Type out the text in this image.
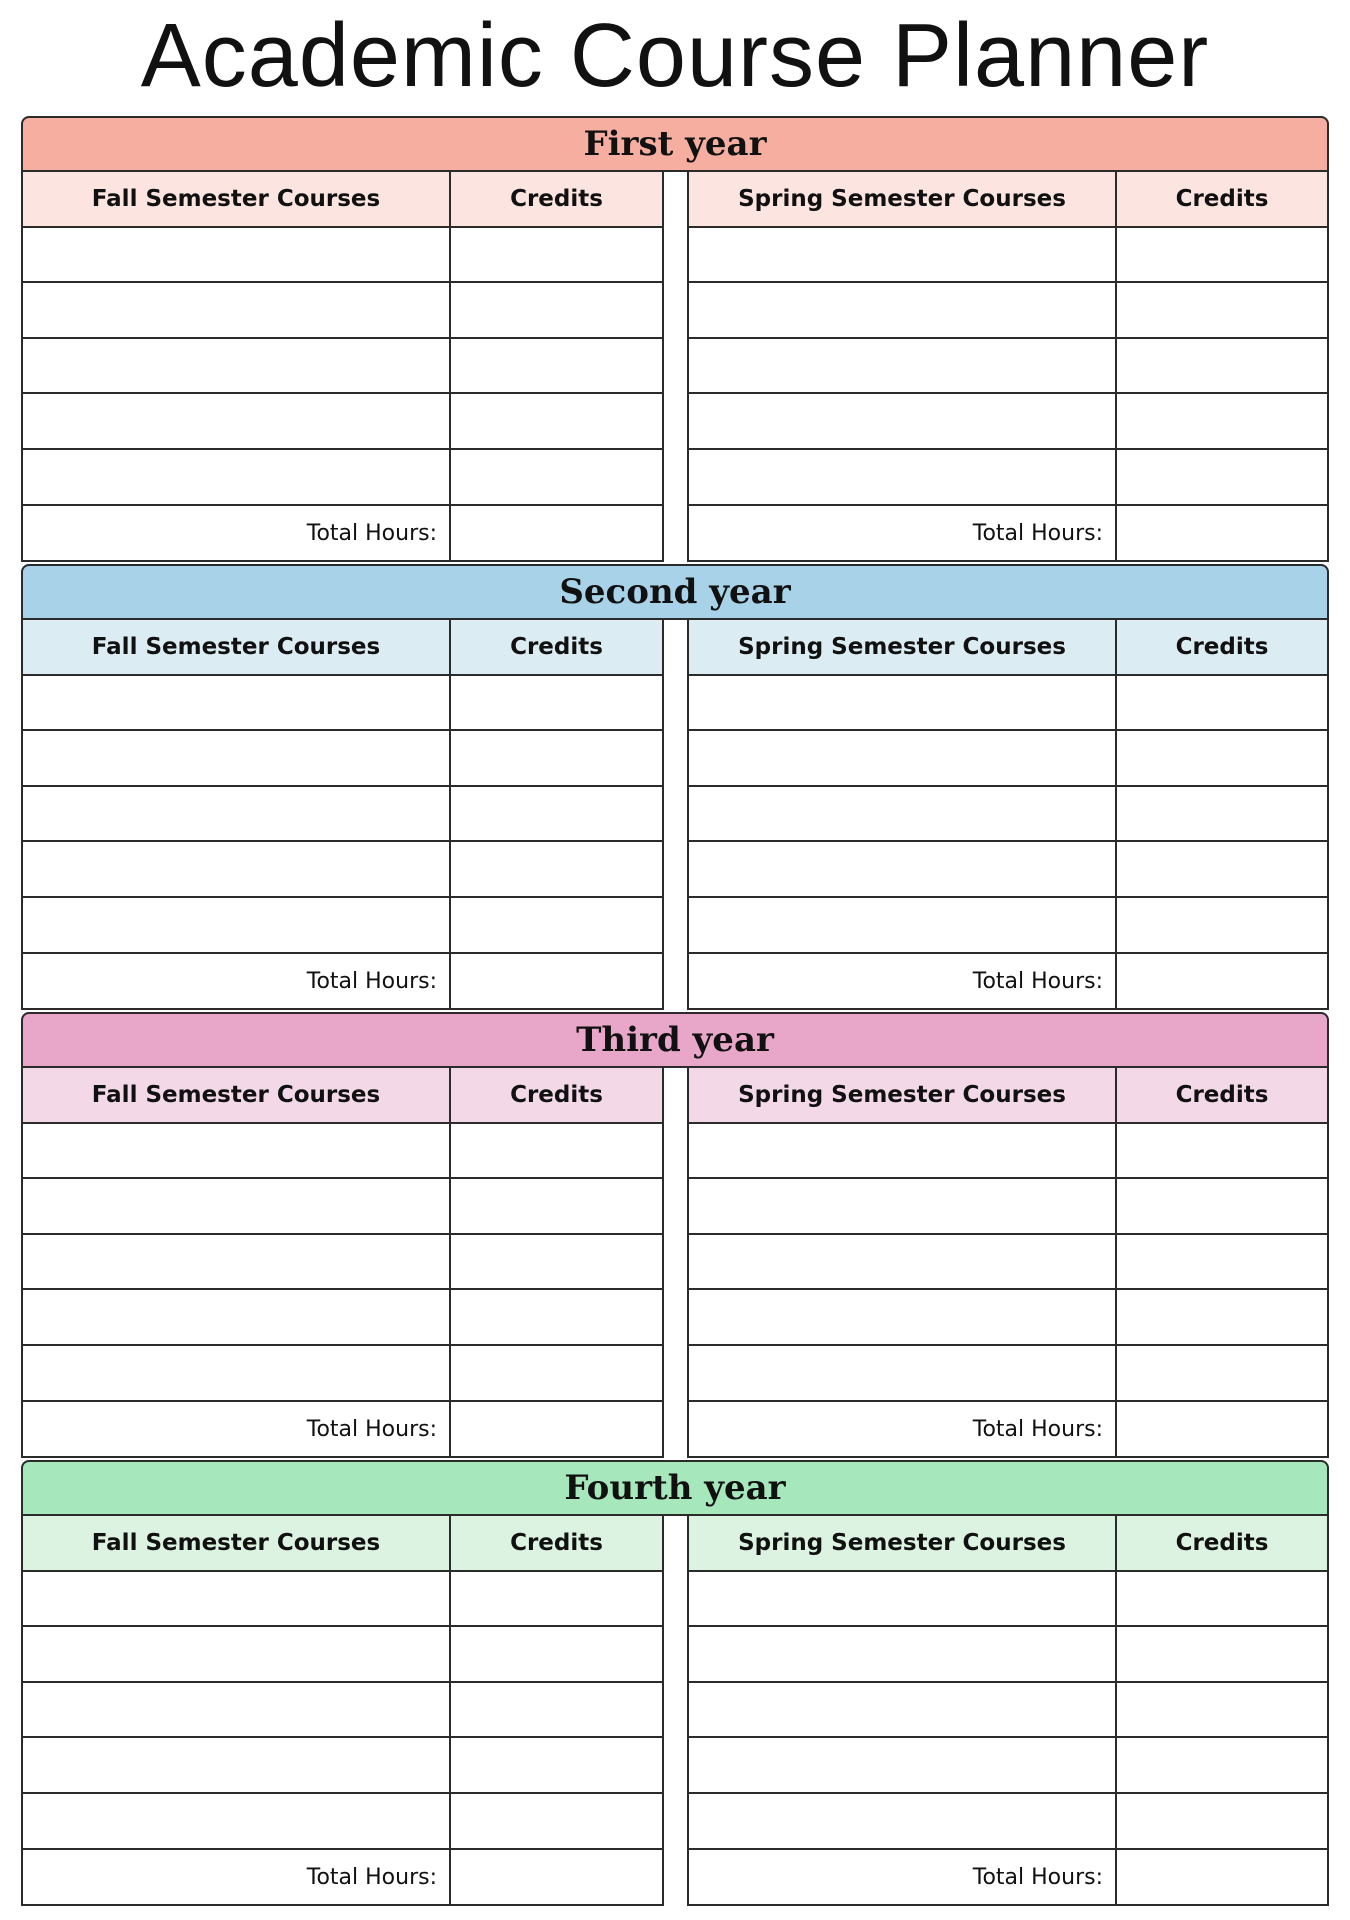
Academic Course Planner
First year
Fall Semester Courses	Credits
Total Hours:
Spring Semester Courses	Credits
Total Hours:
Second year
Fall Semester Courses	Credits
Total Hours:
Spring Semester Courses	Credits
Total Hours:
Third year
Fall Semester Courses	Credits
Total Hours:
Spring Semester Courses	Credits
Total Hours:
Fourth year
Fall Semester Courses	Credits
Total Hours:
Spring Semester Courses	Credits
Total Hours:
